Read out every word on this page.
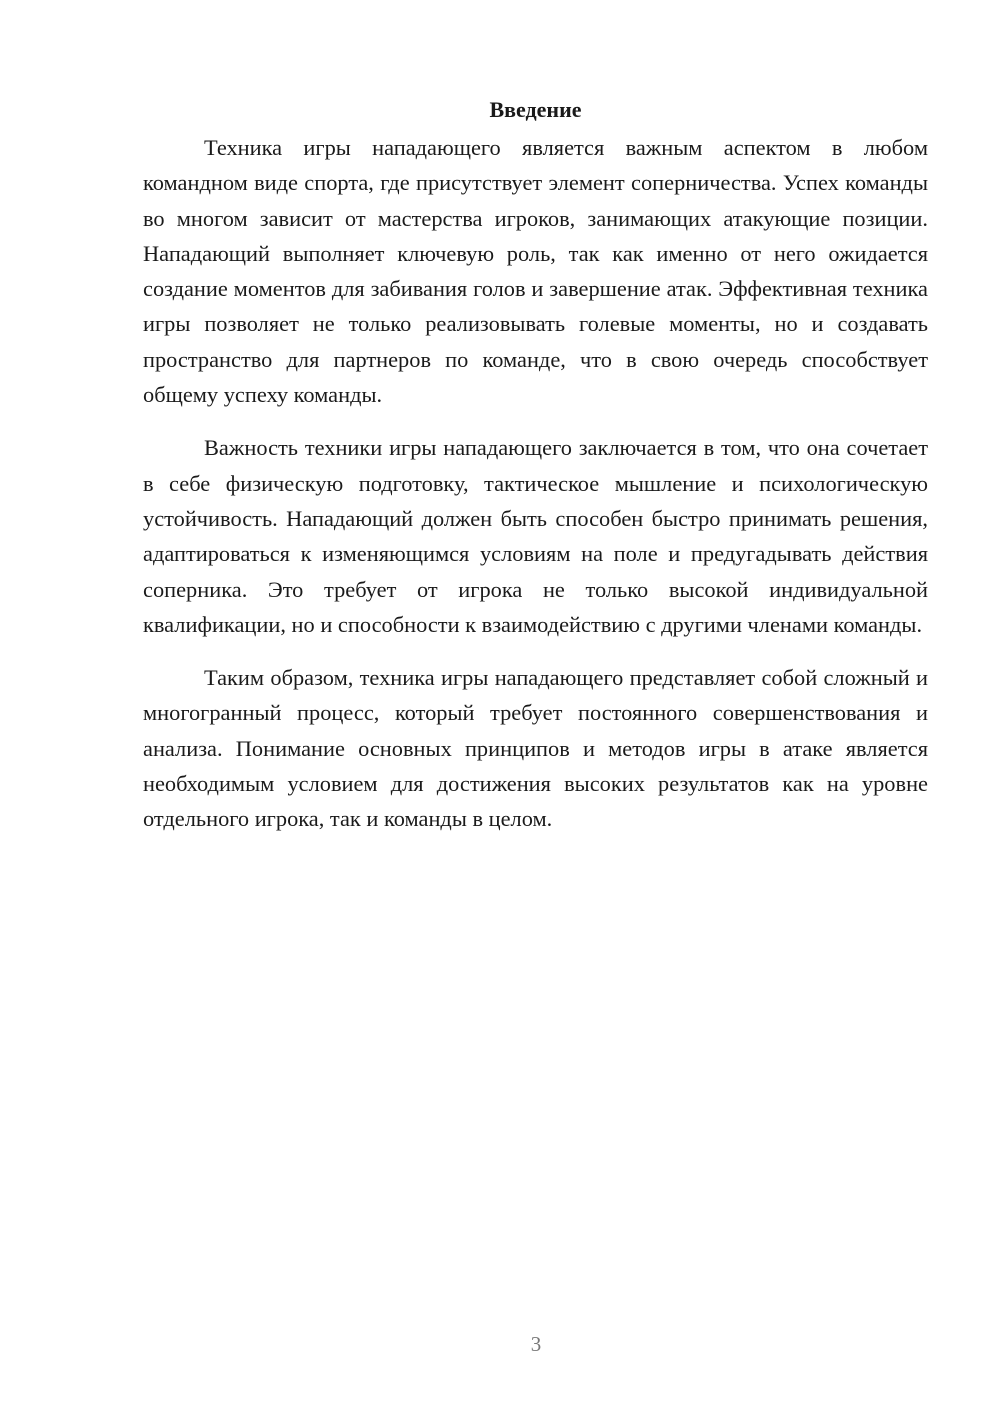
Введение

Техника игры нападающего является важным аспектом в любом командном виде спорта, где присутствует элемент соперничества. Успех команды во многом зависит от мастерства игроков, занимающих атакующие позиции. Нападающий выполняет ключевую роль, так как именно от него ожидается создание моментов для забивания голов и завершение атак. Эффективная техника игры позволяет не только реализовывать голевые моменты, но и создавать пространство для партнеров по команде, что в свою очередь способствует общему успеху команды.

Важность техники игры нападающего заключается в том, что она сочетает в себе физическую подготовку, тактическое мышление и психологическую устойчивость. Нападающий должен быть способен быстро принимать решения, адаптироваться к изменяющимся условиям на поле и предугадывать действия соперника. Это требует от игрока не только высокой индивидуальной квалификации, но и способности к взаимодействию с другими членами команды.

Таким образом, техника игры нападающего представляет собой сложный и многогранный процесс, который требует постоянного совершенствования и анализа. Понимание основных принципов и методов игры в атаке является необходимым условием для достижения высоких результатов как на уровне отдельного игрока, так и команды в целом.

3
